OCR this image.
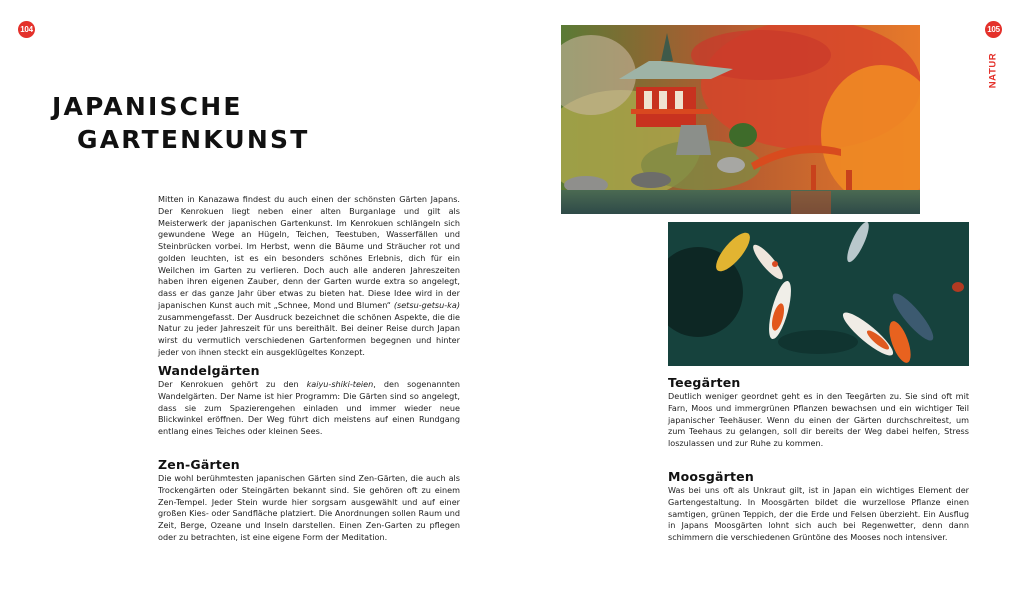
104
JAPANISCHE
GARTENKUNST

Mitten in Kanazawa findest du auch einen der schönsten Gärten Japans. Der Kenrokuen liegt neben einer alten Burganlage und gilt als Meisterwerk der japanischen Gartenkunst. Im Kenrokuen schlängeln sich gewundene Wege an Hügeln, Teichen, Teestuben, Wasserfällen und Steinbrücken vorbei. Im Herbst, wenn die Bäume und Sträucher rot und golden leuchten, ist es ein besonders schönes Erlebnis, dich für ein Weilchen im Garten zu verlieren. Doch auch alle anderen Jahreszeiten haben ihren eigenen Zauber, denn der Garten wurde extra so angelegt, dass er das ganze Jahr über etwas zu bieten hat. Diese Idee wird in der japanischen Kunst auch mit „Schnee, Mond und Blumen“ (setsu-getsu-ka) zusammengefasst. Der Ausdruck bezeichnet die schönen Aspekte, die die Natur zu jeder Jahreszeit für uns bereithält. Bei deiner Reise durch Japan wirst du vermutlich verschiedenen Gartenformen begegnen und hinter jeder von ihnen steckt ein ausgeklügeltes Konzept.

Wandelgärten

Der Kenrokuen gehört zu den kaiyu-shiki-teien, den sogenannten Wandelgärten. Der Name ist hier Programm: Die Gärten sind so angelegt, dass sie zum Spazierengehen einladen und immer wieder neue Blickwinkel eröffnen. Der Weg führt dich meistens auf einen Rundgang entlang eines Teiches oder kleinen Sees.

Zen-Gärten

Die wohl berühmtesten japanischen Gärten sind Zen-Gärten, die auch als Trockengärten oder Steingärten bekannt sind. Sie gehören oft zu einem Zen-Tempel. Jeder Stein wurde hier sorgsam ausgewählt und auf einer großen Kies- oder Sandfläche platziert. Die Anordnungen sollen Raum und Zeit, Berge, Ozeane und Inseln darstellen. Einen Zen-Garten zu pflegen oder zu betrachten, ist eine eigene Form der Meditation.

105
NATUR
Teegärten

Deutlich weniger geordnet geht es in den Teegärten zu. Sie sind oft mit Farn, Moos und immergrünen Pflanzen bewachsen und ein wichtiger Teil japanischer Teehäuser. Wenn du einen der Gärten durchschreitest, um zum Teehaus zu gelangen, soll dir bereits der Weg dabei helfen, Stress loszulassen und zur Ruhe zu kommen.

Moosgärten

Was bei uns oft als Unkraut gilt, ist in Japan ein wichtiges Element der Gartengestaltung. In Moosgärten bildet die wurzellose Pflanze einen samtigen, grünen Teppich, der die Erde und Felsen überzieht. Ein Ausflug in Japans Moosgärten lohnt sich auch bei Regenwetter, denn dann schimmern die verschiedenen Grüntöne des Mooses noch intensiver.
